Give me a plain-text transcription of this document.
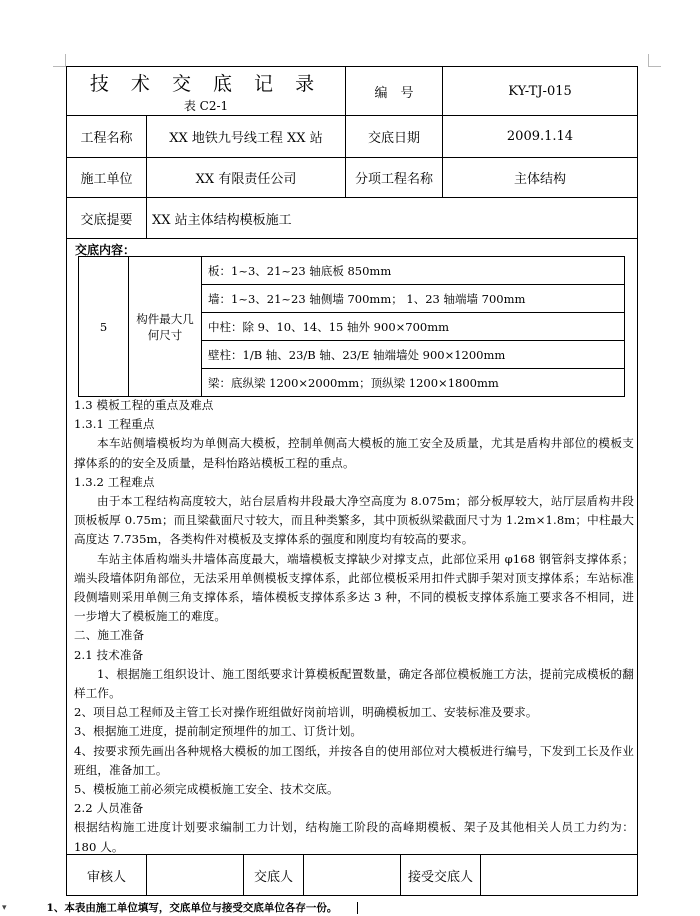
技 术 交 底 记 录
表 C2-1
编　号	KY-TJ-015
工程名称	XX 地铁九号线工程 XX 站	交底日期	2009.1.14
施工单位	XX 有限责任公司	分项工程名称	主体结构
交底提要	XX 站主体结构模板施工
交底内容：
5	构件最大几何尺寸	板：1~3、21~23 轴底板 850mm
墙：1~3、21~23 轴侧墙 700mm； 1、23 轴端墙 700mm
中柱：除 9、10、14、15 轴外 900×700mm
壁柱：1/B 轴、23/B 轴、23/E 轴端墙处 900×1200mm
梁：底纵梁 1200×2000mm；顶纵梁 1200×1800mm

1.3 模板工程的重点及难点

1.3.1 工程重点

本车站侧墙模板均为单侧高大模板，控制单侧高大模板的施工安全及质量，尤其是盾构井部位的模板支撑体系的的安全及质量，是科怡路站模板工程的重点。

1.3.2 工程难点

由于本工程结构高度较大，站台层盾构井段最大净空高度为 8.075m；部分板厚较大，站厅层盾构井段顶板板厚 0.75m；而且梁截面尺寸较大，而且种类繁多，其中顶板纵梁截面尺寸为 1.2m×1.8m；中柱最大高度达 7.735m，各类构件对模板及支撑体系的强度和刚度均有较高的要求。

车站主体盾构端头井墙体高度最大，端墙模板支撑缺少对撑支点，此部位采用 φ168 钢管斜支撑体系；端头段墙体阴角部位，无法采用单侧模板支撑体系，此部位模板采用扣件式脚手架对顶支撑体系；车站标准段侧墙则采用单侧三角支撑体系，墙体模板支撑体系多达 3 种，不同的模板支撑体系施工要求各不相同，进一步增大了模板施工的难度。

二、施工准备

2.1 技术准备

1、根据施工组织设计、施工图纸要求计算模板配置数量，确定各部位模板施工方法，提前完成模板的翻样工作。

2、项目总工程师及主管工长对操作班组做好岗前培训，明确模板加工、安装标准及要求。

3、根据施工进度，提前制定预埋件的加工、订货计划。

4、按要求预先画出各种规格大模板的加工图纸，并按各自的使用部位对大模板进行编号，下发到工长及作业班组，准备加工。

5、模板施工前必须完成模板施工安全、技术交底。

2.2 人员准备

根据结构施工进度计划要求编制工力计划，结构施工阶段的高峰期模板、架子及其他相关人员工力约为：180 人。

审核人	交底人	接受交底人
▾	1、本表由施工单位填写，交底单位与接受交底单位各存一份。
